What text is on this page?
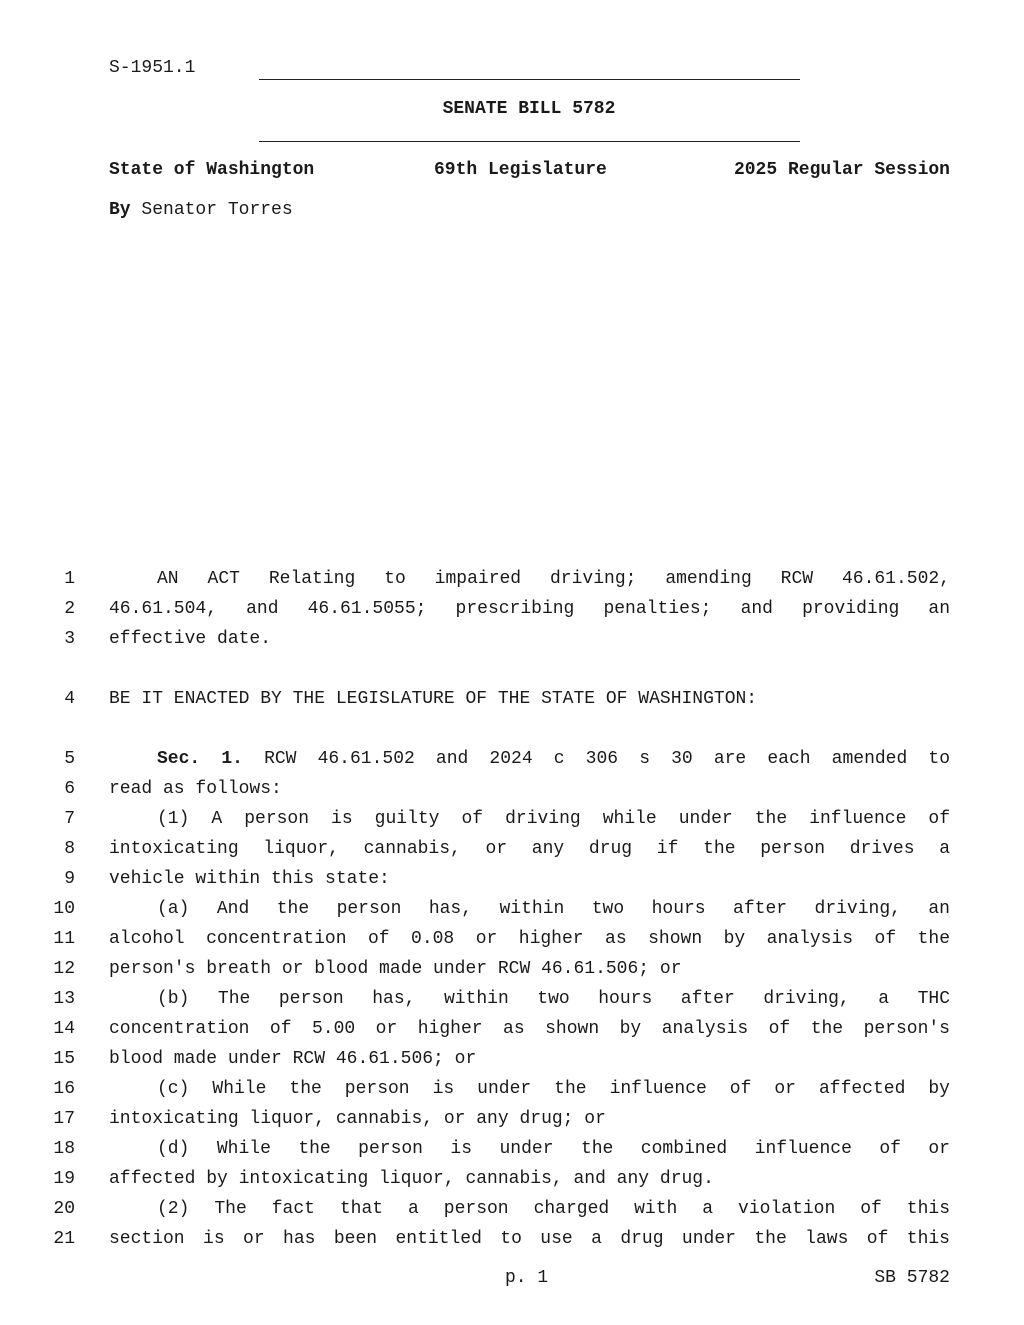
S-1951.1
SENATE BILL 5782
State of Washington	69th Legislature	2025 Regular Session
By Senator Torres
1	AN ACT Relating to impaired driving; amending RCW 46.61.502,
2 46.61.504, and 46.61.5055; prescribing penalties; and providing an
3 effective date.
4 BE IT ENACTED BY THE LEGISLATURE OF THE STATE OF WASHINGTON:
5	Sec. 1. RCW 46.61.502 and 2024 c 306 s 30 are each amended to
6 read as follows:
7	(1) A person is guilty of driving while under the influence of
8 intoxicating liquor, cannabis, or any drug if the person drives a
9 vehicle within this state:
10	(a) And the person has, within two hours after driving, an
11 alcohol concentration of 0.08 or higher as shown by analysis of the
12 person's breath or blood made under RCW 46.61.506; or
13	(b) The person has, within two hours after driving, a THC
14 concentration of 5.00 or higher as shown by analysis of the person's
15 blood made under RCW 46.61.506; or
16	(c) While the person is under the influence of or affected by
17 intoxicating liquor, cannabis, or any drug; or
18	(d) While the person is under the combined influence of or
19 affected by intoxicating liquor, cannabis, and any drug.
20	(2) The fact that a person charged with a violation of this
21 section is or has been entitled to use a drug under the laws of this
p. 1	SB 5782
